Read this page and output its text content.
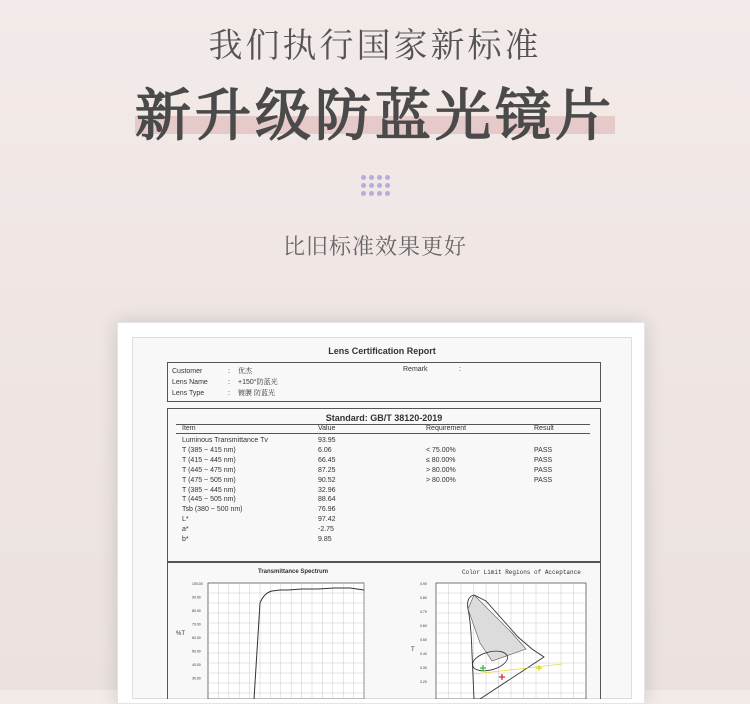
我们执行国家新标准
新升级防蓝光镜片
比旧标准效果更好
Lens Certification Report
Customer	: 优杰
Lens Name	: +150°防蓝光
Lens Type	: 镀膜 防蓝光
Remark	:
Standard: GB/T 38120-2019
Item	Value	Requirement	Result
Luminous Transmittance Tv	93.95
T (385 ~ 415 nm)	6.06	< 75.00%	PASS
T (415 ~ 445 nm)	66.45	≤ 80.00%	PASS
T (445 ~ 475 nm)	87.25	> 80.00%	PASS
T (475 ~ 505 nm)	90.52	> 80.00%	PASS
T (385 ~ 445 nm)	32.96
T (445 ~ 505 nm)	88.64
Tsb (380 ~ 500 nm)	76.96
L*	97.42
a*	-2.75
b*	9.85
Transmittance Spectrum	Color Limit Regions of Acceptance
%T
100.00
90.00
80.00
70.00
60.00
50.00
40.00
30.00
T
0.90
0.80
0.70
0.60
0.50
0.40
0.30
0.20
